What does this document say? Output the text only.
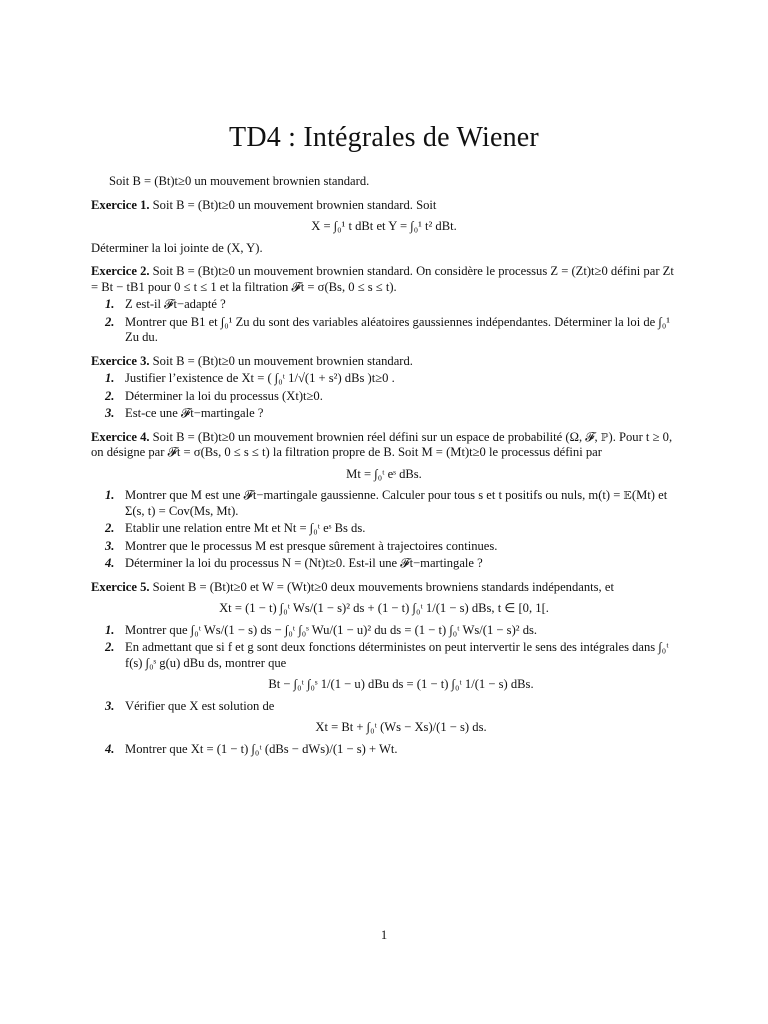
TD4 : Intégrales de Wiener

Soit B = (Bt)t≥0 un mouvement brownien standard.

Exercice 1. Soit B = (Bt)t≥0 un mouvement brownien standard. Soit

X = ∫₀¹ t dBt et Y = ∫₀¹ t² dBt.

Déterminer la loi jointe de (X, Y).

Exercice 2. Soit B = (Bt)t≥0 un mouvement brownien standard. On considère le processus Z = (Zt)t≥0 défini par Zt = Bt − tB1 pour 0 ≤ t ≤ 1 et la filtration 𝓕t = σ(Bs, 0 ≤ s ≤ t).

1. Z est-il 𝓕t−adapté ?
2. Montrer que B1 et ∫₀¹ Zu du sont des variables aléatoires gaussiennes indépendantes. Déterminer la loi de ∫₀¹ Zu du.

Exercice 3. Soit B = (Bt)t≥0 un mouvement brownien standard.

1. Justifier l’existence de Xt = ( ∫₀ᵗ 1/√(1 + s²) dBs )t≥0 .
2. Déterminer la loi du processus (Xt)t≥0.
3. Est-ce une 𝓕t−martingale ?

Exercice 4. Soit B = (Bt)t≥0 un mouvement brownien réel défini sur un espace de probabilité (Ω, 𝓕, ℙ). Pour t ≥ 0, on désigne par 𝓕t = σ(Bs, 0 ≤ s ≤ t) la filtration propre de B. Soit M = (Mt)t≥0 le processus défini par

Mt = ∫₀ᵗ eˢ dBs.
1. Montrer que M est une 𝓕t−martingale gaussienne. Calculer pour tous s et t positifs ou nuls, m(t) = 𝔼(Mt) et Σ(s, t) = Cov(Ms, Mt).
2. Etablir une relation entre Mt et Nt = ∫₀ᵗ eˢ Bs ds.
3. Montrer que le processus M est presque sûrement à trajectoires continues.
4. Déterminer la loi du processus N = (Nt)t≥0. Est-il une 𝓕t−martingale ?

Exercice 5. Soient B = (Bt)t≥0 et W = (Wt)t≥0 deux mouvements browniens standards indépendants, et

Xt = (1 − t) ∫₀ᵗ Ws/(1 − s)² ds + (1 − t) ∫₀ᵗ 1/(1 − s) dBs, t ∈ [0, 1[.
1. Montrer que ∫₀ᵗ Ws/(1 − s) ds − ∫₀ᵗ ∫₀ˢ Wu/(1 − u)² du ds = (1 − t) ∫₀ᵗ Ws/(1 − s)² ds.
2. En admettant que si f et g sont deux fonctions déterministes on peut intervertir le sens des intégrales dans ∫₀ᵗ f(s) ∫₀ˢ g(u) dBu ds, montrer que
Bt − ∫₀ᵗ ∫₀ˢ 1/(1 − u) dBu ds = (1 − t) ∫₀ᵗ 1/(1 − s) dBs.
3. Vérifier que X est solution de
Xt = Bt + ∫₀ᵗ (Ws − Xs)/(1 − s) ds.
4. Montrer que Xt = (1 − t) ∫₀ᵗ (dBs − dWs)/(1 − s) + Wt.
1
